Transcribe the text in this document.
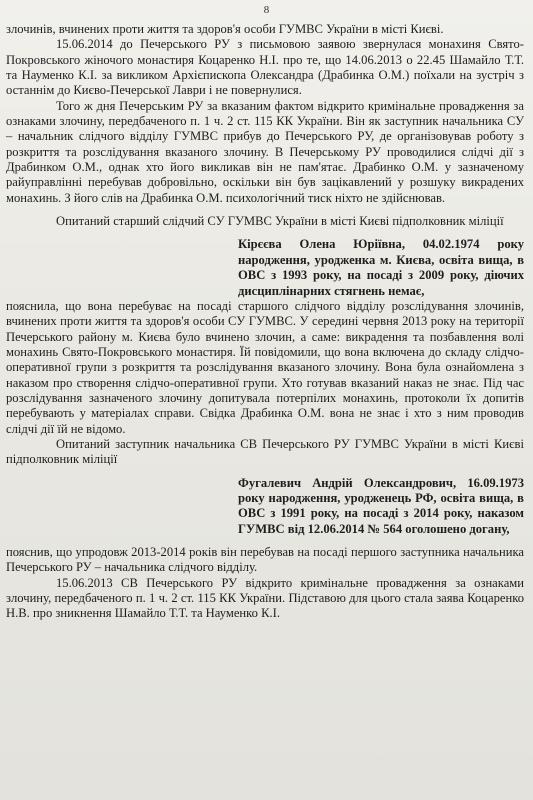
8

злочинів, вчинених проти життя та здоров'я особи ГУМВС України в місті Києві.

15.06.2014 до Печерського РУ з письмовою заявою звернулася монахиня Свято-Покровського жіночого монастиря Коцаренко Н.І. про те, що 14.06.2013 о 22.45 Шамайло Т.Т. та Науменко К.І. за викликом Архієпископа Олександра (Драбинка О.М.) поїхали на зустріч з останнім до Києво-Печерської Лаври і не повернулися.

Того ж дня Печерським РУ за вказаним фактом відкрито кримінальне провадження за ознаками злочину, передбаченого п. 1 ч. 2 ст. 115 КК України. Він як заступник начальника СУ – начальник слідчого відділу ГУМВС прибув до Печерського РУ, де організовував роботу з розкриття та розслідування вказаного злочину. В Печерському РУ проводилися слідчі дії з Драбинком О.М., однак хто його викликав він не пам'ятає. Драбинко О.М. у зазначеному райуправлінні перебував добровільно, оскільки він був зацікавлений у розшуку викрадених монахинь. З його слів на Драбинка О.М. психологічний тиск ніхто не здійснював.

Опитаний старший слідчий СУ ГУМВС України в місті Києві підполковник міліції

Кірєєва Олена Юріївна, 04.02.1974 року народження, уродженка м. Києва, освіта вища, в ОВС з 1993 року, на посаді з 2009 року, діючих дисциплінарних стягнень немає,

пояснила, що вона перебуває на посаді старшого слідчого відділу розслідування злочинів, вчинених проти життя та здоров'я особи СУ ГУМВС. У середині червня 2013 року на території Печерського району м. Києва було вчинено злочин, а саме: викрадення та позбавлення волі монахинь Свято-Покровського монастиря. Їй повідомили, що вона включена до складу слідчо-оперативної групи з розкриття та розслідування вказаного злочину. Вона була ознайомлена з наказом про створення слідчо-оперативної групи. Хто готував вказаний наказ не знає. Під час розслідування зазначеного злочину допитувала потерпілих монахинь, протоколи їх допитів перебувають у матеріалах справи. Свідка Драбинка О.М. вона не знає і хто з ним проводив слідчі дії їй не відомо.

Опитаний заступник начальника СВ Печерського РУ ГУМВС України в місті Києві підполковник міліції

Фугалевич Андрій Олександрович, 16.09.1973 року народження, уродженець РФ, освіта вища, в ОВС з 1991 року, на посаді з 2014 року, наказом ГУМВС від 12.06.2014 № 564 оголошено догану,

пояснив, що упродовж 2013-2014 років він перебував на посаді першого заступника начальника Печерського РУ – начальника слідчого відділу.

15.06.2013 СВ Печерського РУ відкрито кримінальне провадження за ознаками злочину, передбаченого п. 1 ч. 2 ст. 115 КК України. Підставою для цього стала заява Коцаренко Н.В. про зникнення Шамайло Т.Т. та Науменко К.І.
